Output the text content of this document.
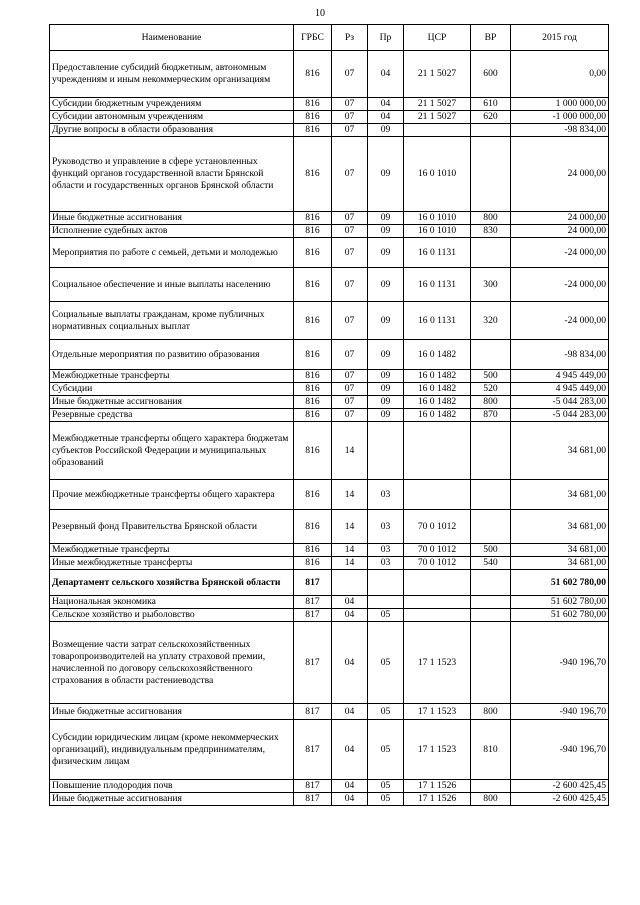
10
Наименование	ГРБС	Рз	Пр	ЦСР	ВР	2015 год
Предоставление субсидий бюджетным, автономным учреждениям и иным некоммерческим организациям	816	07	04	21 1 5027	600	0,00
Субсидии бюджетным учреждениям	816	07	04	21 1 5027	610	1 000 000,00
Субсидии автономным учреждениям	816	07	04	21 1 5027	620	-1 000 000,00
Другие вопросы в области образования	816	07	09			-98 834,00
Руководство и управление в сфере установленных функций органов государственной власти Брянской области и государственных органов Брянской области	816	07	09	16 0 1010		24 000,00
Иные бюджетные ассигнования	816	07	09	16 0 1010	800	24 000,00
Исполнение судебных актов	816	07	09	16 0 1010	830	24 000,00
Мероприятия по работе с семьей, детьми и молодежью	816	07	09	16 0 1131		-24 000,00
Социальное обеспечение и иные выплаты населению	816	07	09	16 0 1131	300	-24 000,00
Социальные выплаты гражданам, кроме публичных нормативных социальных выплат	816	07	09	16 0 1131	320	-24 000,00
Отдельные мероприятия по развитию образования	816	07	09	16 0 1482		-98 834,00
Межбюджетные трансферты	816	07	09	16 0 1482	500	4 945 449,00
Субсидии	816	07	09	16 0 1482	520	4 945 449,00
Иные бюджетные ассигнования	816	07	09	16 0 1482	800	-5 044 283,00
Резервные средства	816	07	09	16 0 1482	870	-5 044 283,00
Межбюджетные трансферты общего характера бюджетам субъектов Российской Федерации и муниципальных образований	816	14				34 681,00
Прочие межбюджетные трансферты общего характера	816	14	03			34 681,00
Резервный фонд Правительства Брянской области	816	14	03	70 0 1012		34 681,00
Межбюджетные трансферты	816	14	03	70 0 1012	500	34 681,00
Иные межбюджетные трансферты	816	14	03	70 0 1012	540	34 681,00
Департамент сельского хозяйства Брянской области	817					51 602 780,00
Национальная экономика	817	04				51 602 780,00
Сельское хозяйство и рыболовство	817	04	05			51 602 780,00
Возмещение части затрат сельскохозяйственных товаропроизводителей на уплату страховой премии, начисленной по договору сельскохозяйственного страхования в области растениеводства	817	04	05	17 1 1523		-940 196,70
Иные бюджетные ассигнования	817	04	05	17 1 1523	800	-940 196,70
Субсидии юридическим лицам (кроме некоммерческих организаций), индивидуальным предпринимателям, физическим лицам	817	04	05	17 1 1523	810	-940 196,70
Повышение плодородия почв	817	04	05	17 1 1526		-2 600 425,45
Иные бюджетные ассигнования	817	04	05	17 1 1526	800	-2 600 425,45
